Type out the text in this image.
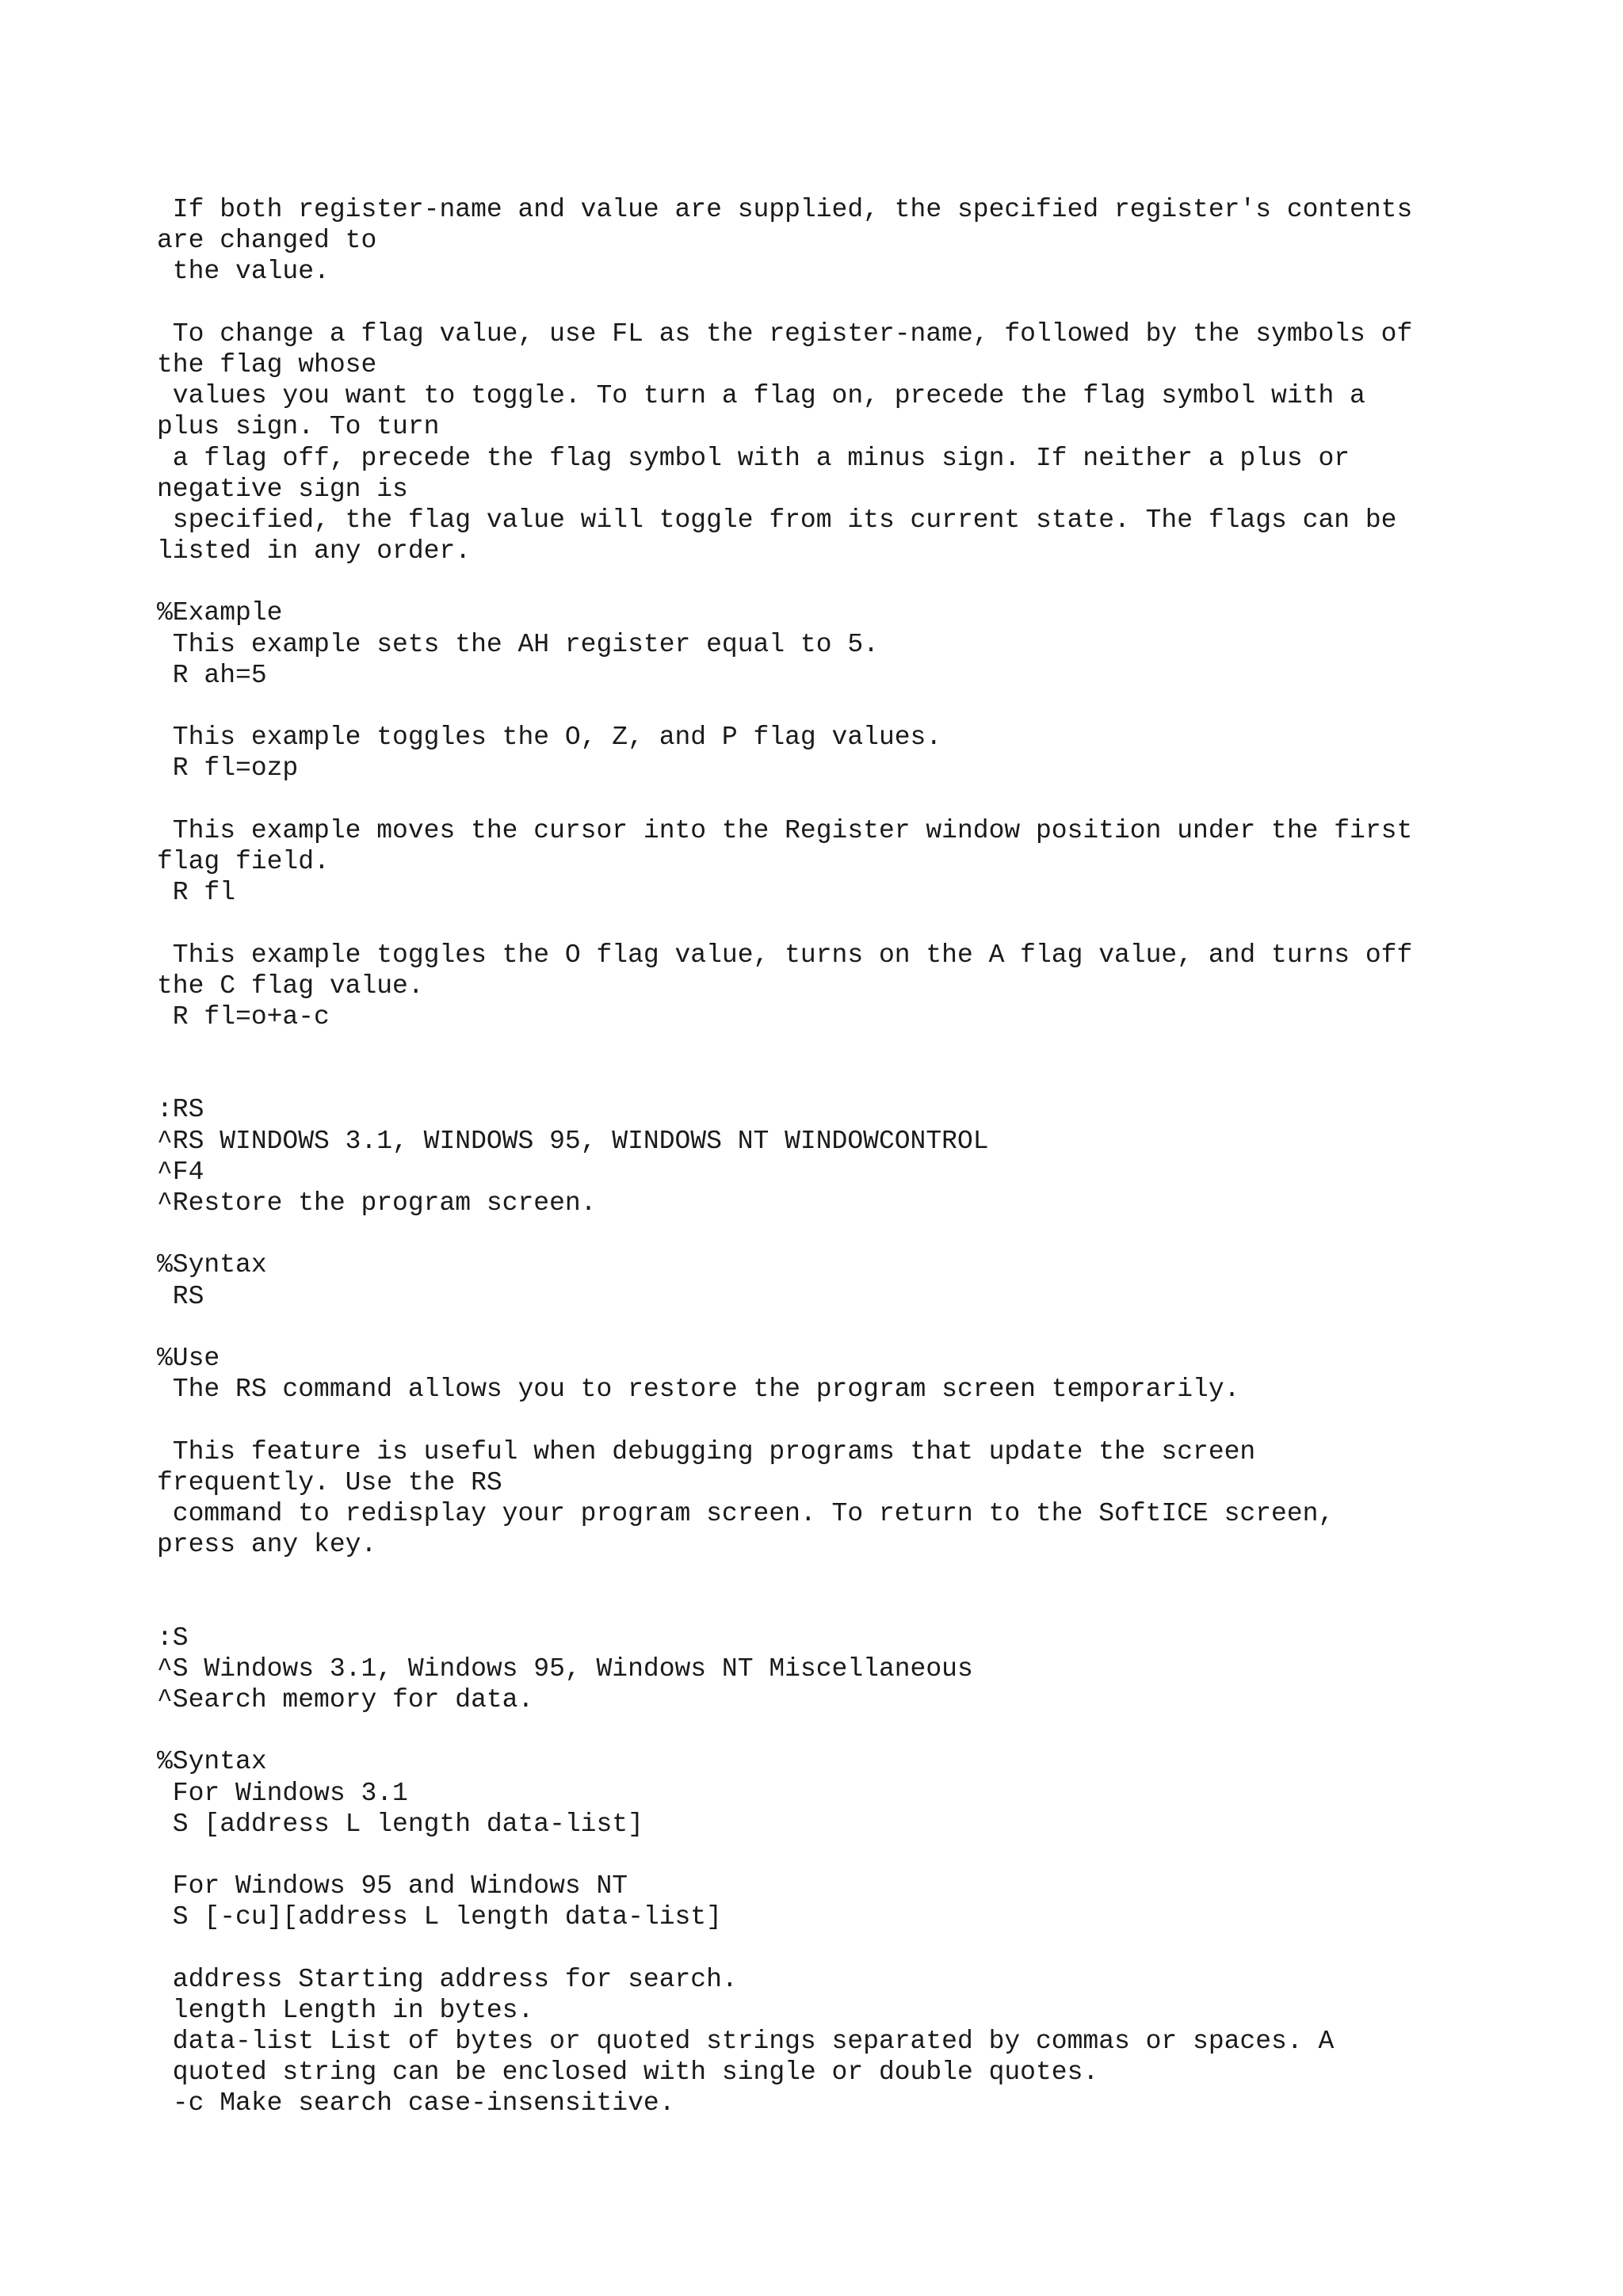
If both register-name and value are supplied, the specified register's contents
are changed to
the value.
To change a flag value, use FL as the register-name, followed by the symbols of
the flag whose
values you want to toggle. To turn a flag on, precede the flag symbol with a
plus sign. To turn
a flag off, precede the flag symbol with a minus sign. If neither a plus or
negative sign is
specified, the flag value will toggle from its current state. The flags can be
listed in any order.
%Example
This example sets the AH register equal to 5.
R ah=5
This example toggles the O, Z, and P flag values.
R fl=ozp
This example moves the cursor into the Register window position under the first
flag field.
R fl
This example toggles the O flag value, turns on the A flag value, and turns off
the C flag value.
R fl=o+a-c
:RS
^RS WINDOWS 3.1, WINDOWS 95, WINDOWS NT WINDOWCONTROL
^F4
^Restore the program screen.
%Syntax
RS
%Use
The RS command allows you to restore the program screen temporarily.
This feature is useful when debugging programs that update the screen
frequently. Use the RS
command to redisplay your program screen. To return to the SoftICE screen,
press any key.
:S
^S Windows 3.1, Windows 95, Windows NT Miscellaneous
^Search memory for data.
%Syntax
For Windows 3.1
S [address L length data-list]
For Windows 95 and Windows NT
S [-cu][address L length data-list]
address Starting address for search.
length Length in bytes.
data-list List of bytes or quoted strings separated by commas or spaces. A
quoted string can be enclosed with single or double quotes.
-c Make search case-insensitive.
